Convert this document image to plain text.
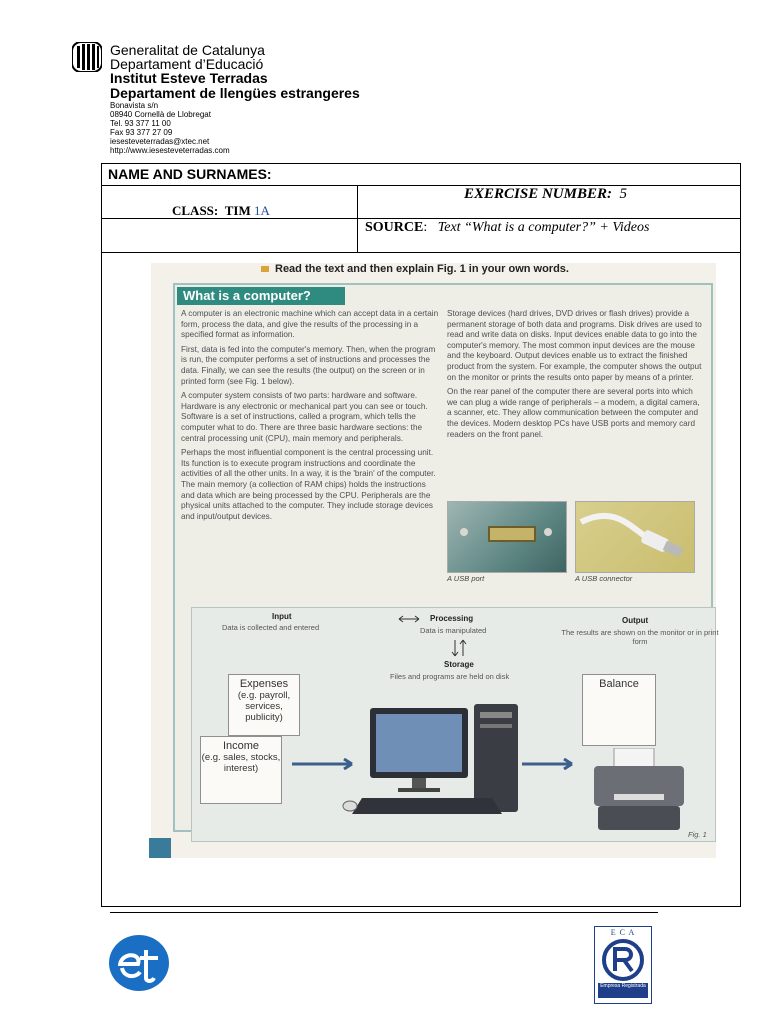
Generalitat de Catalunya
Departament d’Educació
Institut Esteve Terradas
Departament de llengües estrangeres
Bonavista s/n
08940 Cornellà de Llobregat
Tel. 93 377 11 00
Fax 93 377 27 09
iesesteveterradas@xtec.net
http://www.iesesteveterradas.com
NAME AND SURNAMES:
EXERCISE NUMBER: 5
CLASS: TIM 1A
SOURCE: Text “What is a computer?” + Videos
Read the text and then explain Fig. 1 in your own words.
What is a computer?

A computer is an electronic machine which can accept data in a certain form, process the data, and give the results of the processing in a specified format as information.

First, data is fed into the computer's memory. Then, when the program is run, the computer performs a set of instructions and processes the data. Finally, we can see the results (the output) on the screen or in printed form (see Fig. 1 below).

A computer system consists of two parts: hardware and software. Hardware is any electronic or mechanical part you can see or touch. Software is a set of instructions, called a program, which tells the computer what to do. There are three basic hardware sections: the central processing unit (CPU), main memory and peripherals.

Perhaps the most influential component is the central processing unit. Its function is to execute program instructions and coordinate the activities of all the other units. In a way, it is the 'brain' of the computer. The main memory (a collection of RAM chips) holds the instructions and data which are being processed by the CPU. Peripherals are the physical units attached to the computer. They include storage devices and input/output devices.

Storage devices (hard drives, DVD drives or flash drives) provide a permanent storage of both data and programs. Disk drives are used to read and write data on disks. Input devices enable data to go into the computer's memory. The most common input devices are the mouse and the keyboard. Output devices enable us to extract the finished product from the system. For example, the computer shows the output on the monitor or prints the results onto paper by means of a printer.

On the rear panel of the computer there are several ports into which we can plug a wide range of peripherals – a modem, a digital camera, a scanner, etc. They allow communication between the computer and the devices. Modern desktop PCs have USB ports and memory card readers on the front panel.

A USB port	A USB connector
Input
Data is collected and entered
Processing
Data is manipulated
Storage
Files and programs are held on disk
Output
The results are shown on the monitor or in print form
Expenses
(e.g. payroll, services, publicity)
Income
(e.g. sales, stocks, interest)
Balance
Fig. 1
E C A
Empresa Registrada
